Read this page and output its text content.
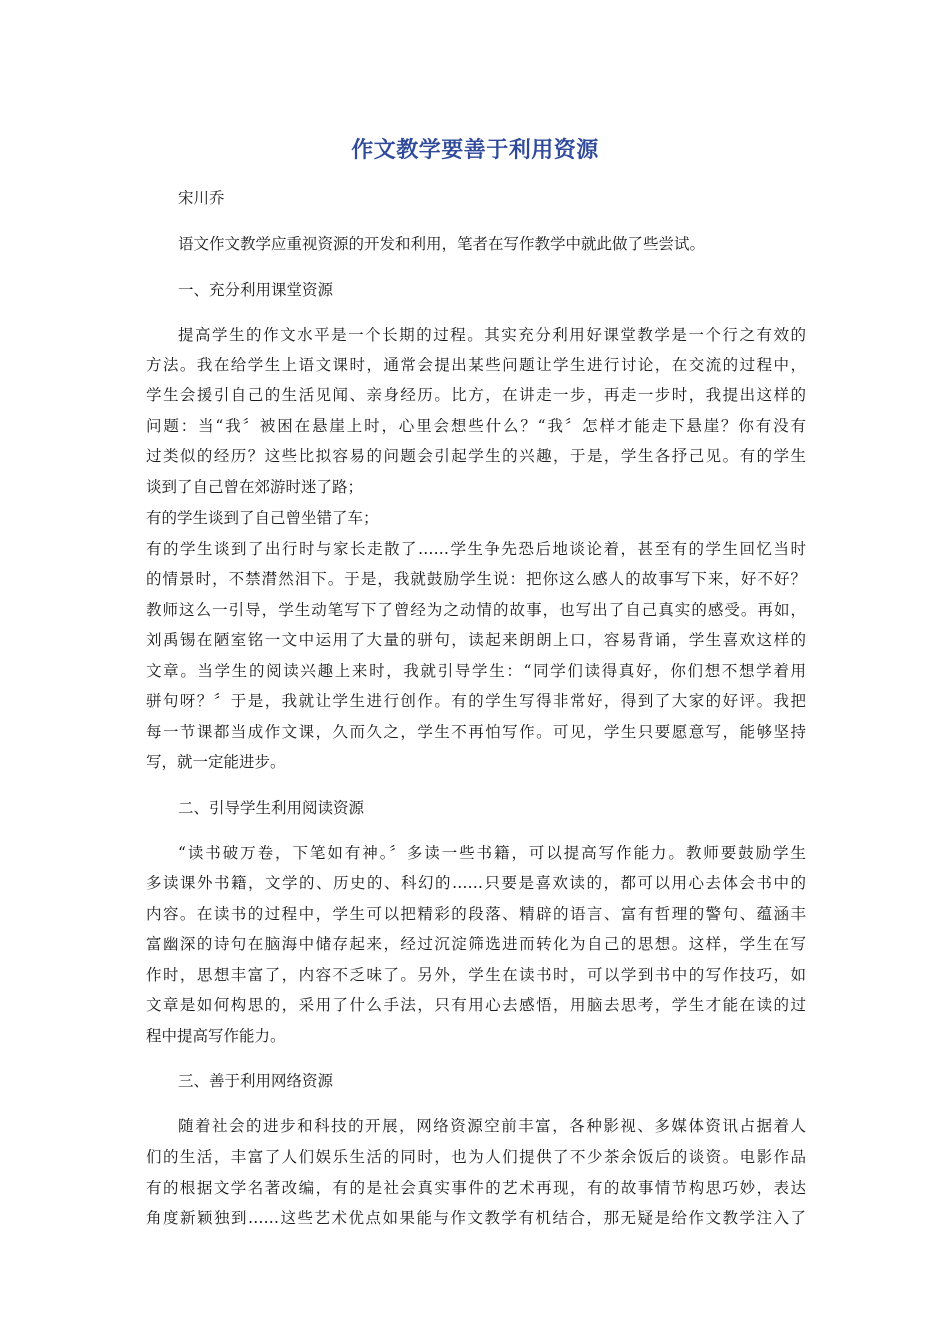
作文教学要善于利用资源

宋川乔

语文作文教学应重视资源的开发和利用，笔者在写作教学中就此做了些尝试。

一、充分利用课堂资源

提高学生的作文水平是一个长期的过程。其实充分利用好课堂教学是一个行之有效的

方法。我在给学生上语文课时，通常会提出某些问题让学生进行讨论，在交流的过程中，

学生会援引自己的生活见闻、亲身经历。比方，在讲走一步，再走一步时，我提出这样的

问题：当“我〞被困在悬崖上时，心里会想些什么？“我〞怎样才能走下悬崖？你有没有

过类似的经历？这些比拟容易的问题会引起学生的兴趣，于是，学生各抒己见。有的学生

谈到了自己曾在郊游时迷了路；

有的学生谈到了自己曾坐错了车；

有的学生谈到了出行时与家长走散了……学生争先恐后地谈论着，甚至有的学生回忆当时

的情景时，不禁潸然泪下。于是，我就鼓励学生说：把你这么感人的故事写下来，好不好？

教师这么一引导，学生动笔写下了曾经为之动情的故事，也写出了自己真实的感受。再如，

刘禹锡在陋室铭一文中运用了大量的骈句，读起来朗朗上口，容易背诵，学生喜欢这样的

文章。当学生的阅读兴趣上来时，我就引导学生：“同学们读得真好，你们想不想学着用

骈句呀？〞于是，我就让学生进行创作。有的学生写得非常好，得到了大家的好评。我把

每一节课都当成作文课，久而久之，学生不再怕写作。可见，学生只要愿意写，能够坚持

写，就一定能进步。

二、引导学生利用阅读资源

“读书破万卷，下笔如有神。〞多读一些书籍，可以提高写作能力。教师要鼓励学生

多读课外书籍，文学的、历史的、科幻的……只要是喜欢读的，都可以用心去体会书中的

内容。在读书的过程中，学生可以把精彩的段落、精辟的语言、富有哲理的警句、蕴涵丰

富幽深的诗句在脑海中储存起来，经过沉淀筛选进而转化为自己的思想。这样，学生在写

作时，思想丰富了，内容不乏味了。另外，学生在读书时，可以学到书中的写作技巧，如

文章是如何构思的，采用了什么手法，只有用心去感悟，用脑去思考，学生才能在读的过

程中提高写作能力。

三、善于利用网络资源

随着社会的进步和科技的开展，网络资源空前丰富，各种影视、多媒体资讯占据着人

们的生活，丰富了人们娱乐生活的同时，也为人们提供了不少茶余饭后的谈资。电影作品

有的根据文学名著改编，有的是社会真实事件的艺术再现，有的故事情节构思巧妙，表达

角度新颖独到……这些艺术优点如果能与作文教学有机结合，那无疑是给作文教学注入了
